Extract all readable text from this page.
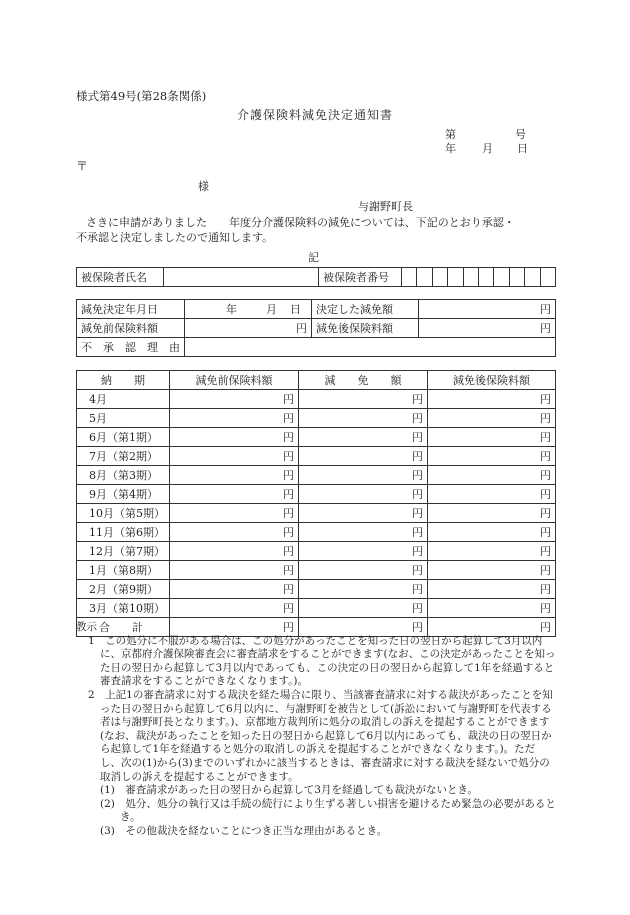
様式第49号(第28条関係)
介護保険料減免決定通知書
第	号
年 月 日
〒
様
与謝野町長
さきに申請がありました　　年度分介護保険料の減免については、下記のとおり承認・
不承認と決定しましたので通知します。
記
被保険者氏名		被保険者番号										
減免決定年月日	年 月 日	決定した減免額	円
減免前保険料額	円	減免後保険料額	円
不　承　認　理　由			
納　　期	減免前保険料額	減　　免　　額	減免後保険料額
4月	円	円	円
5月	円	円	円
6月（第1期）	円	円	円
7月（第2期）	円	円	円
8月（第3期）	円	円	円
9月（第4期）	円	円	円
10月（第5期）	円	円	円
11月（第6期）	円	円	円
12月（第7期）	円	円	円
1月（第8期）	円	円	円
2月（第9期）	円	円	円
3月（第10期）	円	円	円
合　　計	円	円	円

教示

1　この処分に不服がある場合は、この処分があったことを知った日の翌日から起算して3月以内に、京都府介護保険審査会に審査請求をすることができます(なお、この決定があったことを知った日の翌日から起算して3月以内であっても、この決定の日の翌日から起算して1年を経過すると審査請求をすることができなくなります。)。

2　上記1の審査請求に対する裁決を経た場合に限り、当該審査請求に対する裁決があったことを知った日の翌日から起算して6月以内に、与謝野町を被告として(訴訟において与謝野町を代表する者は与謝野町長となります。)、京都地方裁判所に処分の取消しの訴えを提起することができます(なお、裁決があったことを知った日の翌日から起算して6月以内にあっても、裁決の日の翌日から起算して1年を経過すると処分の取消しの訴えを提起することができなくなります。)。ただし、次の(1)から(3)までのいずれかに該当するときは、審査請求に対する裁決を経ないで処分の取消しの訴えを提起することができます。

(1)　審査請求があった日の翌日から起算して3月を経過しても裁決がないとき。

(2)　処分、処分の執行又は手続の続行により生ずる著しい損害を避けるため緊急の必要があるとき。

(3)　その他裁決を経ないことにつき正当な理由があるとき。
